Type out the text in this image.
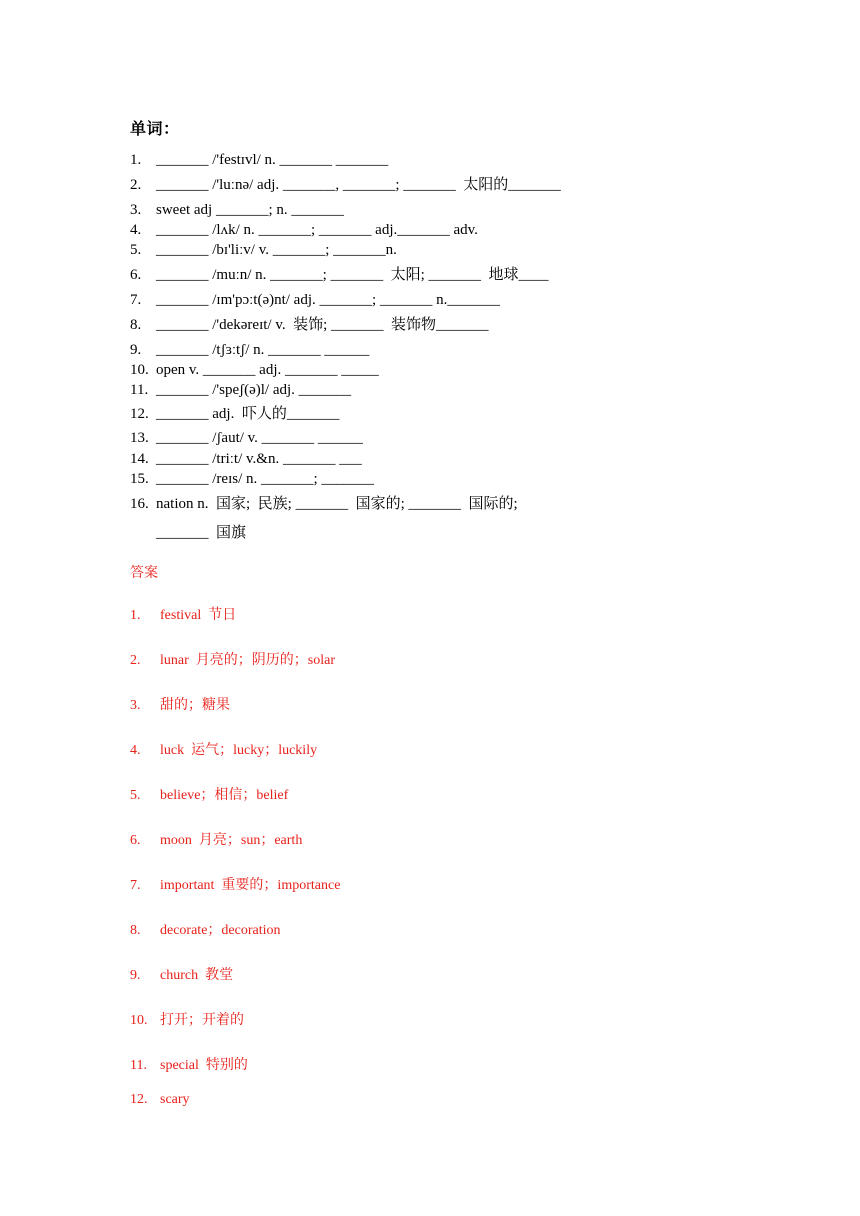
单词：
1. _______ /'festɪvl/ n. _______ _______
2. _______ /'luːnə/ adj. _______, _______; _______  太阳的_______
3. sweet adj _______; n. _______
4. _______ /lʌk/ n. _______; _______ adj._______ adv.
5. _______ /bɪ'liːv/ v. _______; _______n.
6. _______ /muːn/ n. _______; _______  太阳; _______  地球____
7. _______ /ɪm'pɔːt(ə)nt/ adj. _______; _______ n._______
8. _______ /'dekəreɪt/ v.  装饰; _______  装饰物_______
9. _______ /tʃɜːtʃ/ n. _______ ______
10. open v. _______ adj. _______ _____
11. _______ /'speʃ(ə)l/ adj. _______
12. _______ adj.  吓人的_______
13. _______ /ʃaut/ v. _______ ______
14. _______ /triːt/ v.&n. _______ ___
15. _______ /reɪs/ n. _______; _______
16. nation n.  国家;  民族; _______  国家的; _______  国际的;
_______  国旗
答案
1. festival  节日
2. lunar  月亮的；阴历的；solar
3. 甜的；糖果
4. luck  运气；lucky；luckily
5. believe；相信；belief
6. moon  月亮；sun；earth
7. important  重要的；importance
8. decorate；decoration
9. church  教堂
10. 打开；开着的
11. special  特别的
12. scary
